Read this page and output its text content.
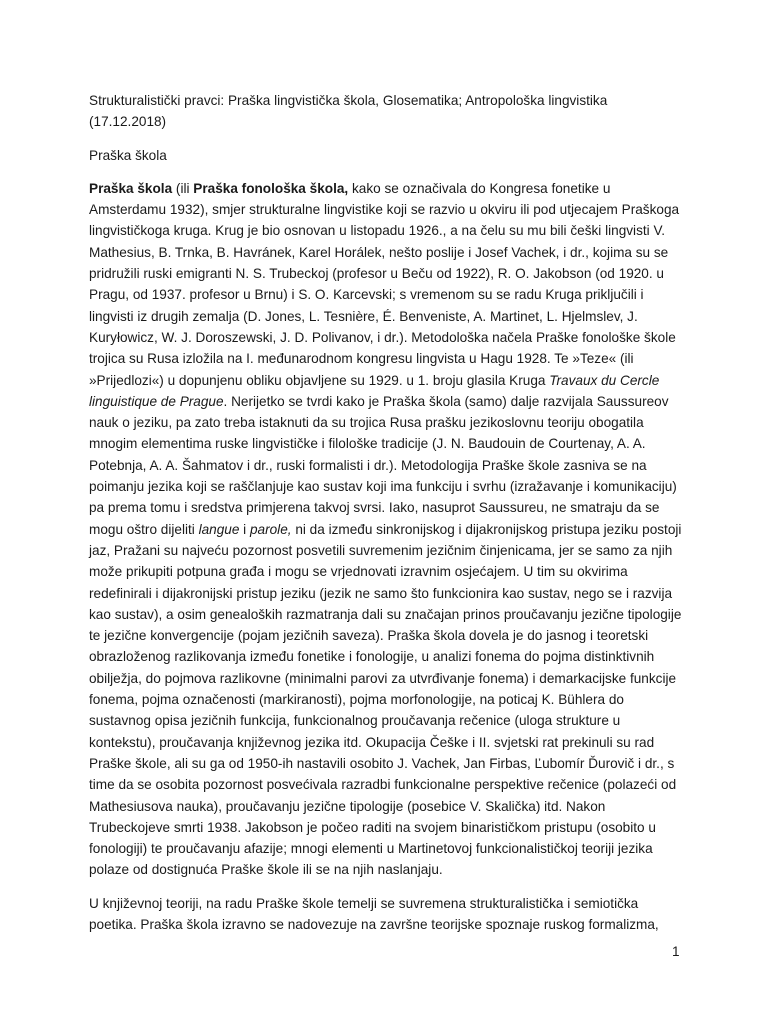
Strukturalistički pravci: Praška lingvistička škola, Glosematika; Antropološka lingvistika
(17.12.2018)

Praška škola

Praška škola (ili Praška fonološka škola, kako se označivala do Kongresa fonetike u Amsterdamu 1932), smjer strukturalne lingvistike koji se razvio u okviru ili pod utjecajem Praškoga lingvističkoga kruga. Krug je bio osnovan u listopadu 1926., a na čelu su mu bili češki lingvisti V. Mathesius, B. Trnka, B. Havránek, Karel Horálek, nešto poslije i Josef Vachek, i dr., kojima su se pridružili ruski emigranti N. S. Trubeckoj (profesor u Beču od 1922), R. O. Jakobson (od 1920. u Pragu, od 1937. profesor u Brnu) i S. O. Karcevski; s vremenom su se radu Kruga priključili i lingvisti iz drugih zemalja (D. Jones, L. Tesnière, É. Benveniste, A. Martinet, L. Hjelmslev, J. Kuryłowicz, W. J. Doroszewski, J. D. Polivanov, i dr.). Metodološka načela Praške fonološke škole trojica su Rusa izložila na I. međunarodnom kongresu lingvista u Hagu 1928. Te »Teze« (ili »Prijedlozi«) u dopunjenu obliku objavljene su 1929. u 1. broju glasila Kruga Travaux du Cercle linguistique de Prague. Nerijetko se tvrdi kako je Praška škola (samo) dalje razvijala Saussureov nauk o jeziku, pa zato treba istaknuti da su trojica Rusa prašku jezikoslovnu teoriju obogatila mnogim elementima ruske lingvističke i filološke tradicije (J. N. Baudouin de Courtenay, A. A. Potebnja, A. A. Šahmatov i dr., ruski formalisti i dr.). Metodologija Praške škole zasniva se na poimanju jezika koji se raščlanjuje kao sustav koji ima funkciju i svrhu (izražavanje i komunikaciju) pa prema tomu i sredstva primjerena takvoj svrsi. Iako, nasuprot Saussureu, ne smatraju da se mogu oštro dijeliti langue i parole, ni da između sinkronijskog i dijakronijskog pristupa jeziku postoji jaz, Pražani su najveću pozornost posvetili suvremenim jezičnim činjenicama, jer se samo za njih može prikupiti potpuna građa i mogu se vrjednovati izravnim osjećajem. U tim su okvirima redefinirali i dijakronijski pristup jeziku (jezik ne samo što funkcionira kao sustav, nego se i razvija kao sustav), a osim genealoških razmatranja dali su značajan prinos proučavanju jezične tipologije te jezične konvergencije (pojam jezičnih saveza). Praška škola dovela je do jasnog i teoretski obrazloženog razlikovanja između fonetike i fonologije, u analizi fonema do pojma distinktivnih obilježja, do pojmova razlikovne (minimalni parovi za utvrđivanje fonema) i demarkacijske funkcije fonema, pojma označenosti (markiranosti), pojma morfonologije, na poticaj K. Bühlera do sustavnog opisa jezičnih funkcija, funkcionalnog proučavanja rečenice (uloga strukture u kontekstu), proučavanja književnog jezika itd. Okupacija Češke i II. svjetski rat prekinuli su rad Praške škole, ali su ga od 1950-ih nastavili osobito J. Vachek, Jan Firbas, Ľubomír Ďurovič i dr., s time da se osobita pozornost posvećivala razradbi funkcionalne perspektive rečenice (polazeći od Mathesiusova nauka), proučavanju jezične tipologije (posebice V. Skalička) itd. Nakon Trubeckojeve smrti 1938. Jakobson je počeo raditi na svojem binarističkom pristupu (osobito u fonologiji) te proučavanju afazije; mnogi elementi u Martinetovoj funkcionalističkoj teoriji jezika polaze od dostignuća Praške škole ili se na njih naslanjaju.

U književnoj teoriji, na radu Praške škole temelji se suvremena strukturalistička i semiotička poetika. Praška škola izravno se nadovezuje na završne teorijske spoznaje ruskog formalizma,

1
